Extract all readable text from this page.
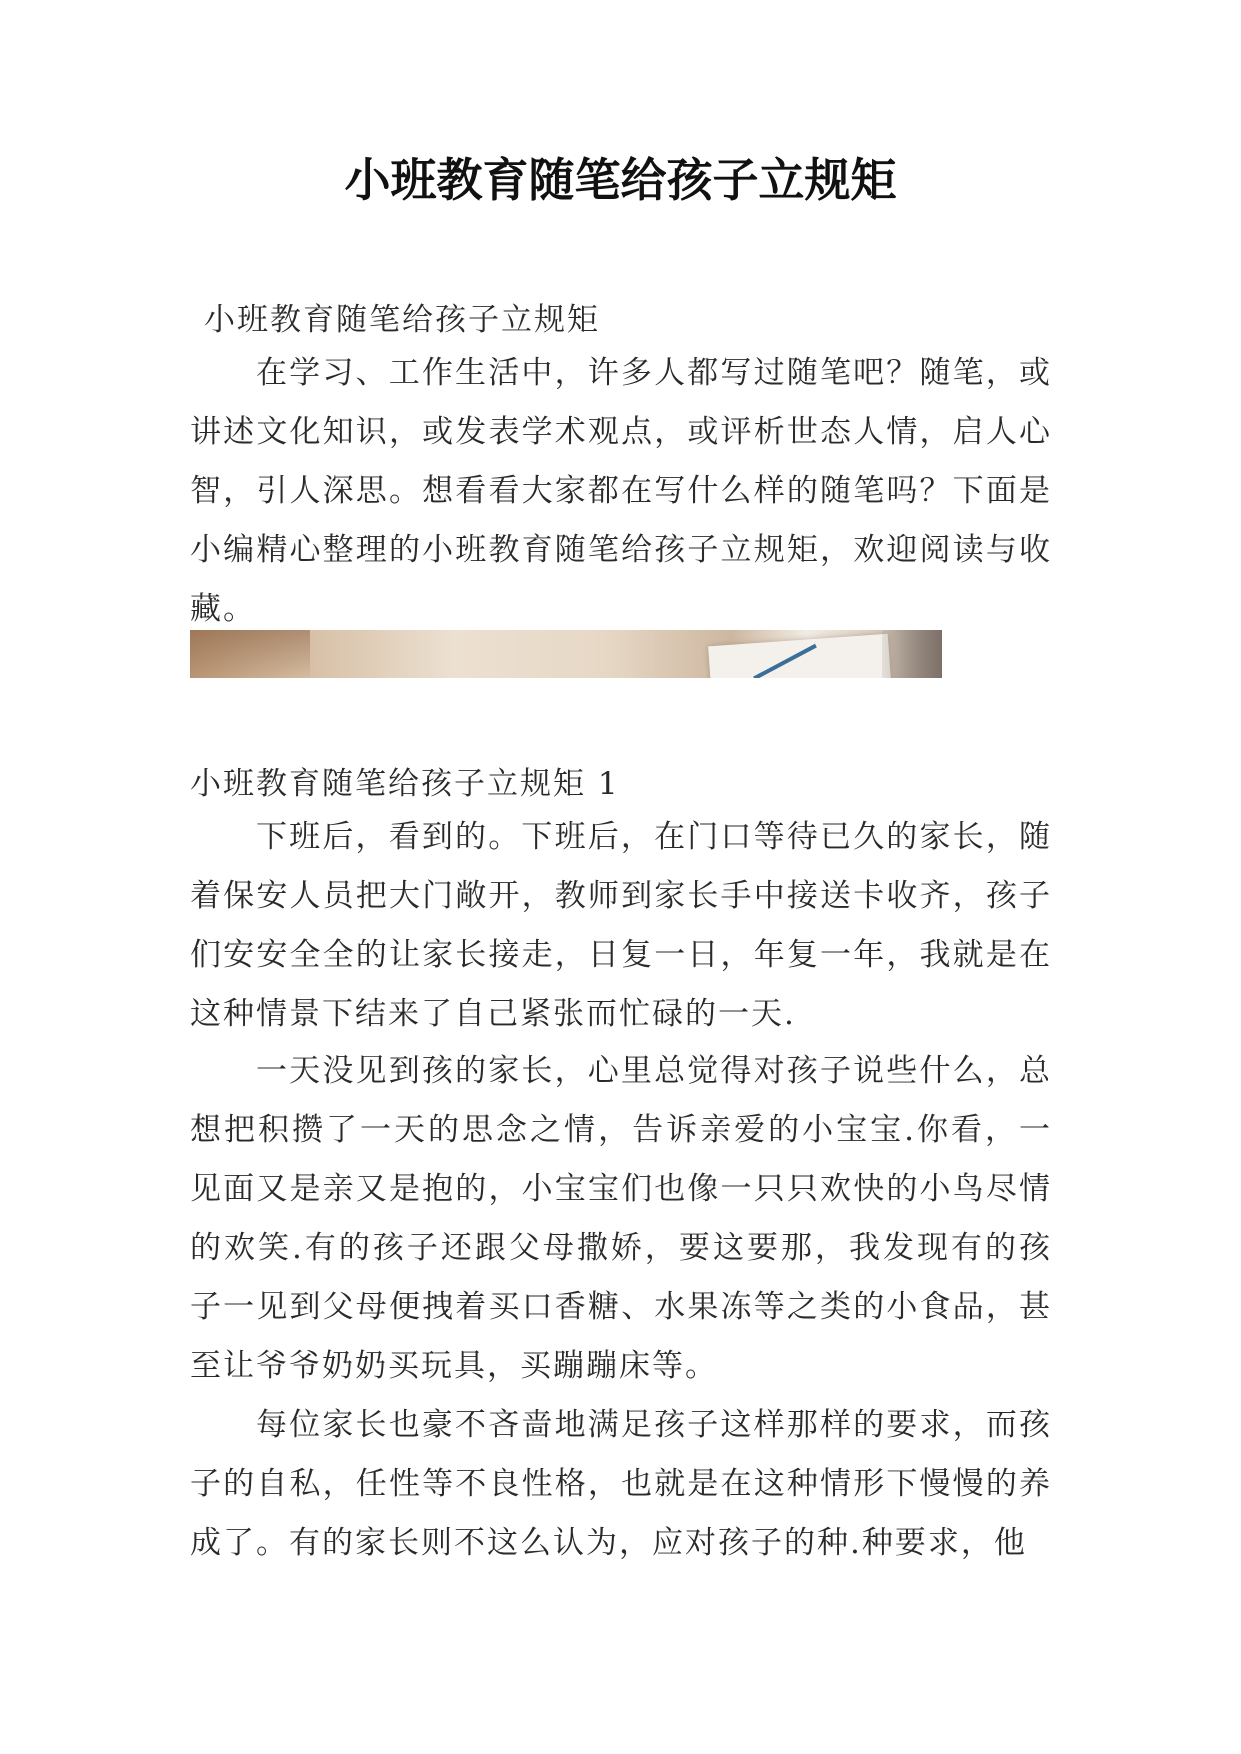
小班教育随笔给孩子立规矩

小班教育随笔给孩子立规矩

在学习、工作生活中，许多人都写过随笔吧？随笔，或讲述文化知识，或发表学术观点，或评析世态人情，启人心智，引人深思。想看看大家都在写什么样的随笔吗？下面是小编精心整理的小班教育随笔给孩子立规矩，欢迎阅读与收藏。

小班教育随笔给孩子立规矩 1

下班后，看到的。下班后，在门口等待已久的家长，随着保安人员把大门敞开，教师到家长手中接送卡收齐，孩子们安安全全的让家长接走，日复一日，年复一年，我就是在这种情景下结来了自己紧张而忙碌的一天.

一天没见到孩的家长，心里总觉得对孩子说些什么，总想把积攒了一天的思念之情，告诉亲爱的小宝宝.你看，一见面又是亲又是抱的，小宝宝们也像一只只欢快的小鸟尽情的欢笑.有的孩子还跟父母撒娇，要这要那，我发现有的孩子一见到父母便拽着买口香糖、水果冻等之类的小食品，甚至让爷爷奶奶买玩具，买蹦蹦床等。

每位家长也豪不吝啬地满足孩子这样那样的要求，而孩子的自私，任性等不良性格，也就是在这种情形下慢慢的养成了。有的家长则不这么认为，应对孩子的种.种要求，他
